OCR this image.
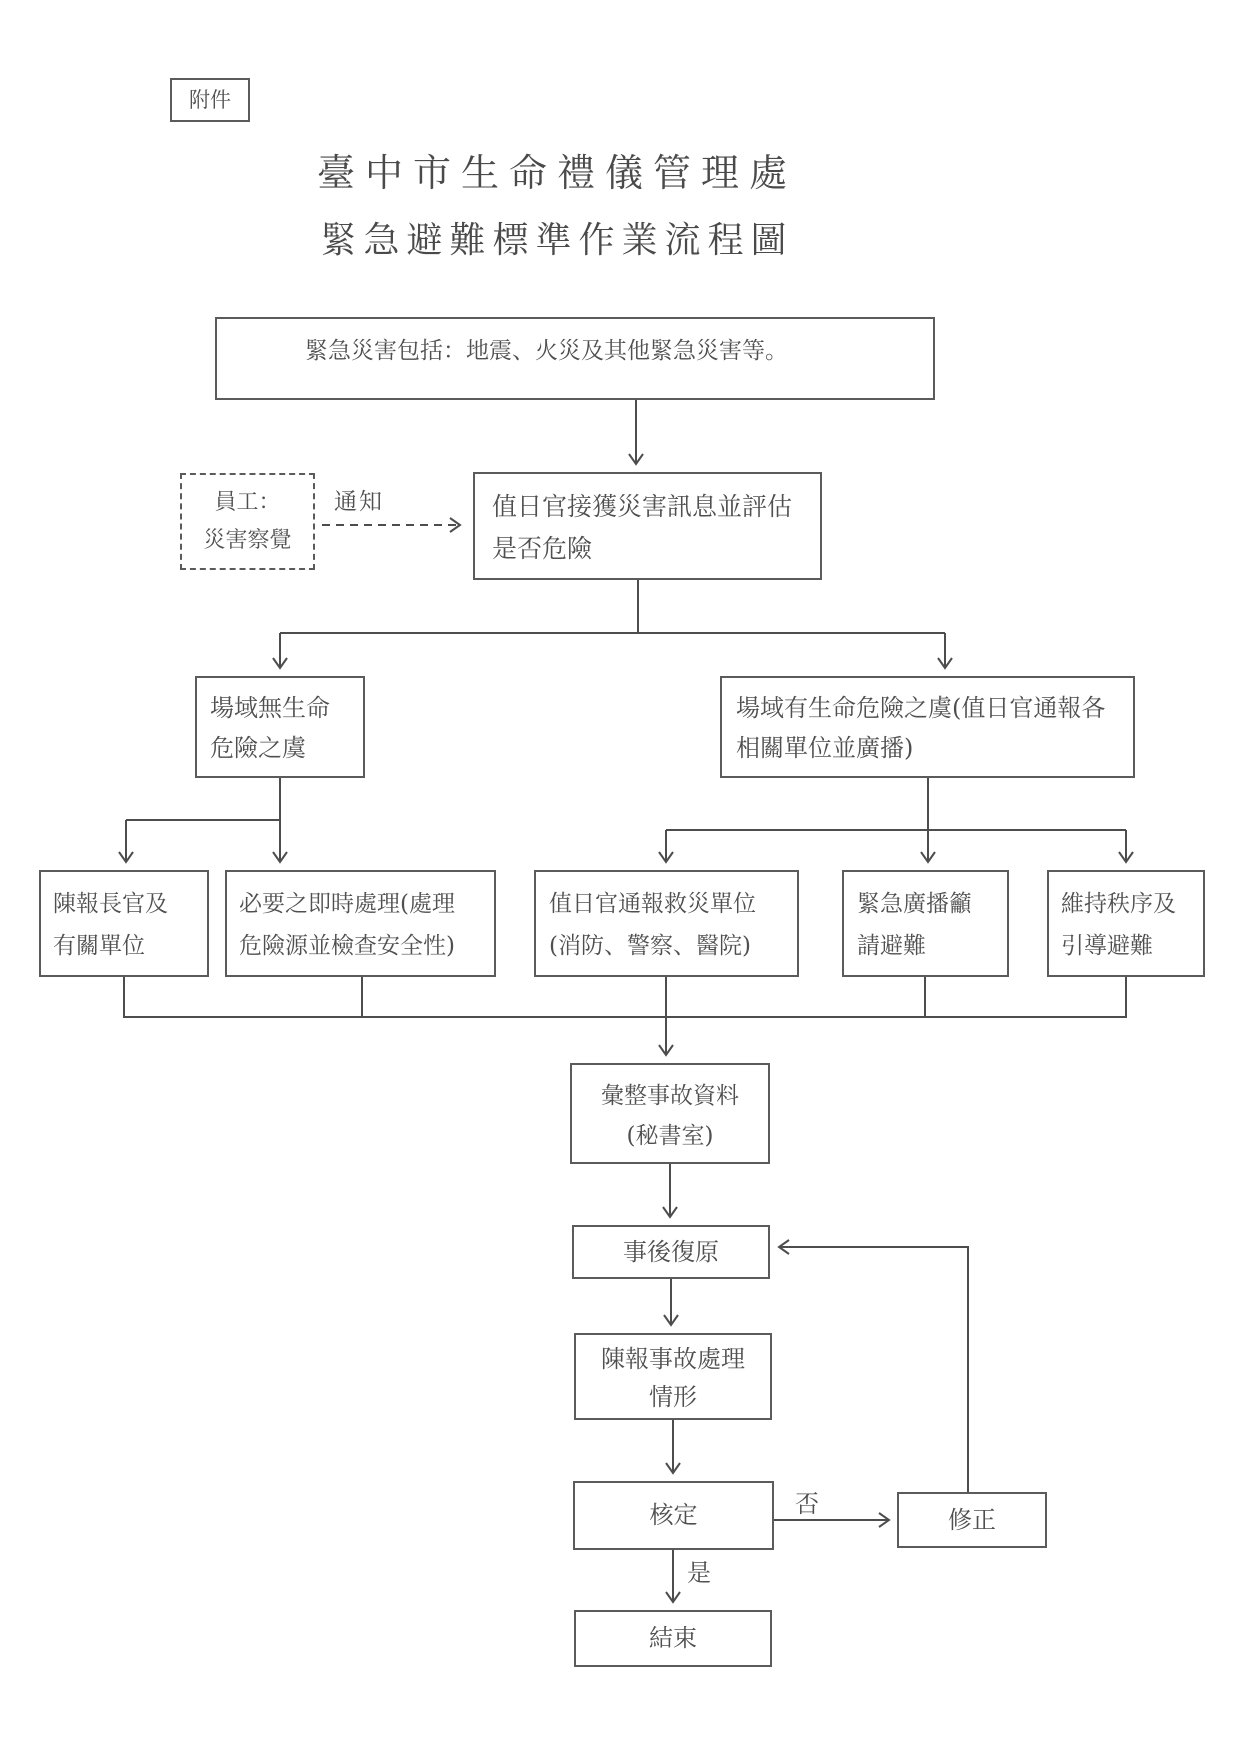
附件
臺中市生命禮儀管理處
緊急避難標準作業流程圖
緊急災害包括：地震、火災及其他緊急災害等。
員工：
災害察覺
通知	值日官接獲災害訊息並評估
是否危險
場域無生命
危險之虞
場域有生命危險之虞(值日官通報各
相關單位並廣播)
陳報長官及
有關單位
必要之即時處理(處理
危險源並檢查安全性)
值日官通報救災單位
(消防、警察、醫院)
緊急廣播籲
請避難
維持秩序及
引導避難
彙整事故資料
(秘書室)
事後復原
陳報事故處理
情形
核定	修正
結束
否
是
